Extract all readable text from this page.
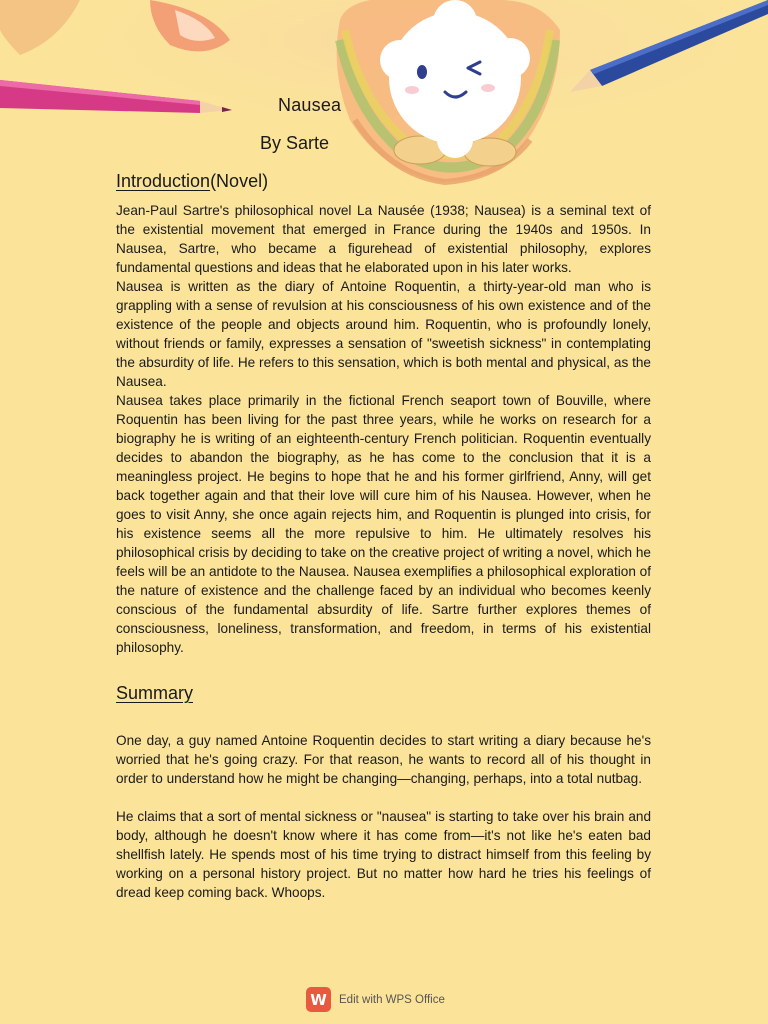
Nausea
By Sarte
Introduction(Novel)

Jean-Paul Sartre's philosophical novel La Nausée (1938; Nausea) is a seminal text of the existential movement that emerged in France during the 1940s and 1950s. In Nausea, Sartre, who became a figurehead of existential philosophy, explores fundamental questions and ideas that he elaborated upon in his later works.

Nausea is written as the diary of Antoine Roquentin, a thirty-year-old man who is grappling with a sense of revulsion at his consciousness of his own existence and of the existence of the people and objects around him. Roquentin, who is profoundly lonely, without friends or family, expresses a sensation of "sweetish sickness" in contemplating the absurdity of life. He refers to this sensation, which is both mental and physical, as the Nausea.

Nausea takes place primarily in the fictional French seaport town of Bouville, where Roquentin has been living for the past three years, while he works on research for a biography he is writing of an eighteenth-century French politician. Roquentin eventually decides to abandon the biography, as he has come to the conclusion that it is a meaningless project. He begins to hope that he and his former girlfriend, Anny, will get back together again and that their love will cure him of his Nausea. However, when he goes to visit Anny, she once again rejects him, and Roquentin is plunged into crisis, for his existence seems all the more repulsive to him. He ultimately resolves his philosophical crisis by deciding to take on the creative project of writing a novel, which he feels will be an antidote to the Nausea. Nausea exemplifies a philosophical exploration of the nature of existence and the challenge faced by an individual who becomes keenly conscious of the fundamental absurdity of life. Sartre further explores themes of consciousness, loneliness, transformation, and freedom, in terms of his existential philosophy.

Summary

One day, a guy named Antoine Roquentin decides to start writing a diary because he's worried that he's going crazy. For that reason, he wants to record all of his thought in order to understand how he might be changing—changing, perhaps, into a total nutbag.

He claims that a sort of mental sickness or "nausea" is starting to take over his brain and body, although he doesn't know where it has come from—it's not like he's eaten bad shellfish lately. He spends most of his time trying to distract himself from this feeling by working on a personal history project. But no matter how hard he tries his feelings of dread keep coming back. Whoops.

W	Edit with WPS Office
